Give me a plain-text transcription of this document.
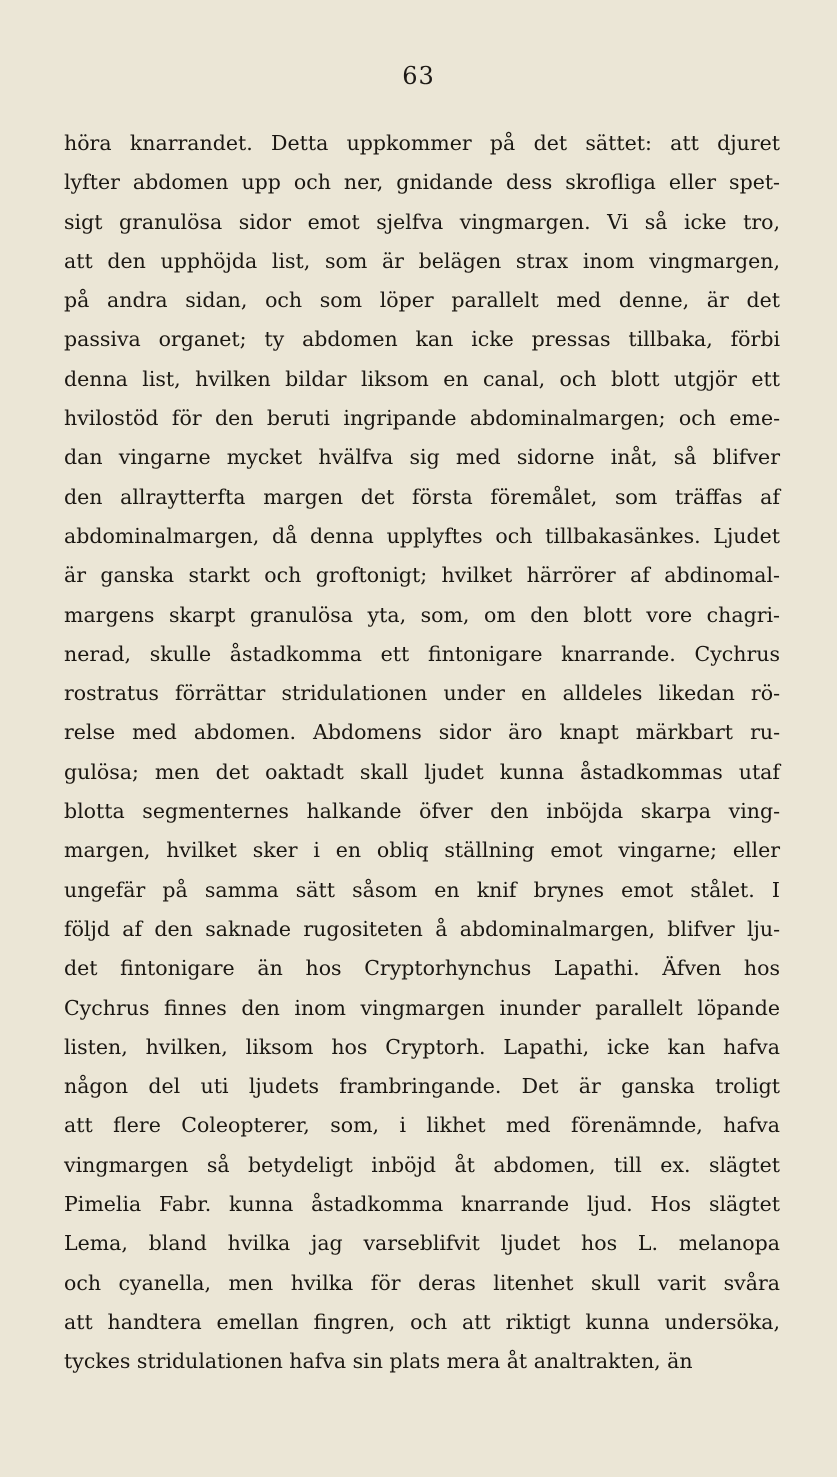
63
höra knarrandet. Detta uppkommer på det sättet: att djuret
lyfter abdomen upp och ner, gnidande dess skrofliga eller spet-
sigt granulösa sidor emot sjelfva vingmargen. Vi så icke tro,
att den upphöjda list, som är belägen strax inom vingmargen,
på andra sidan, och som löper parallelt med denne, är det
passiva organet; ty abdomen kan icke pressas tillbaka, förbi
denna list, hvilken bildar liksom en canal, och blott utgjör ett
hvilostöd för den beruti ingripande abdominalmargen; och eme-
dan vingarne mycket hvälfva sig med sidorne inåt, så blifver
den allraytterfta margen det första föremålet, som träffas af
abdominalmargen, då denna upplyftes och tillbakasänkes. Ljudet
är ganska starkt och groftonigt; hvilket härrörer af abdinomal-
margens skarpt granulösa yta, som, om den blott vore chagri-
nerad, skulle åstadkomma ett fintonigare knarrande. Cychrus
rostratus förrättar stridulationen under en alldeles likedan rö-
relse med abdomen. Abdomens sidor äro knapt märkbart ru-
gulösa; men det oaktadt skall ljudet kunna åstadkommas utaf
blotta segmenternes halkande öfver den inböjda skarpa ving-
margen, hvilket sker i en obliq ställning emot vingarne; eller
ungefär på samma sätt såsom en knif brynes emot stålet. I
följd af den saknade rugositeten å abdominalmargen, blifver lju-
det fintonigare än hos Cryptorhynchus Lapathi. Äfven hos
Cychrus finnes den inom vingmargen inunder parallelt löpande
listen, hvilken, liksom hos Cryptorh. Lapathi, icke kan hafva
någon del uti ljudets frambringande. Det är ganska troligt
att flere Coleopterer, som, i likhet med förenämnde, hafva
vingmargen så betydeligt inböjd åt abdomen, till ex. slägtet
Pimelia Fabr. kunna åstadkomma knarrande ljud. Hos slägtet
Lema, bland hvilka jag varseblifvit ljudet hos L. melanopa
och cyanella, men hvilka för deras litenhet skull varit svåra
att handtera emellan fingren, och att riktigt kunna undersöka,
tyckes stridulationen hafva sin plats mera åt analtrakten, än
